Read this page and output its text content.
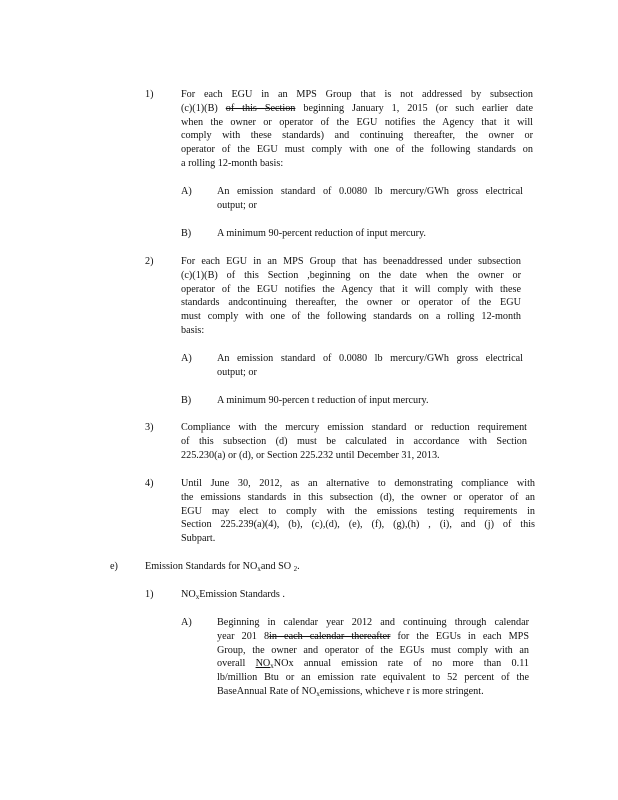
1)	For each EGU in an MPS Group that is not addressed by subsection
(c)(1)(B) of this Section beginning January 1, 2015 (or such earlier date
when the owner or operator of the EGU notifies the Agency that it will
comply with these standards) and continuing thereafter, the owner or
operator of the EGU must comply with one of the following standards on
a rolling 12-month basis:
A) An emission standard of 0.0080 lb mercury/GWh gross electrical
output; or
B)	A minimum 90-percent reduction of input mercury.
2)	For each EGU in an MPS Group that has beenaddressed under subsection
(c)(1)(B) of this Section ,beginning on the date when the owner or
operator of the EGU notifies the Agency that it will comply with these
standards andcontinuing thereafter, the owner or operator of the EGU
must comply with one of the following standards on a rolling 12-month
basis:
A) An emission standard of 0.0080 lb mercury/GWh gross electrical
output; or
B)	A minimum 90-percen t reduction of input mercury.
3)	Compliance with the mercury emission standard or reduction requirement
of this subsection (d) must be calculated in accordance with Section
225.230(a) or (d), or Section 225.232 until December 31, 2013.
4)	Until June 30, 2012, as an alternative to demonstrating compliance with
the emissions standards in this subsection (d), the owner or operator of an
EGU may elect to comply with the emissions testing requirements in
Section 225.239(a)(4), (b), (c),(d), (e), (f), (g),(h) , (i), and (j) of this
Subpart.
e)	Emission Standards for $NO_xand$ SO $_2$.
1)	$NO_xEmission$ Standards .
A) Beginning in calendar year 2012 and continuing through calendar
year 201 8in each calendar thereafter for the EGUs in each MPS
Group, the owner and operator of the EGUs must comply with an
overall $NO_xNOx$ annual emission rate of no more than 0.11
lb/million Btu or an emission rate equivalent to 52 percent of the
BaseAnnual Rate of $NO_xemissions$, whicheve r is more stringent.
